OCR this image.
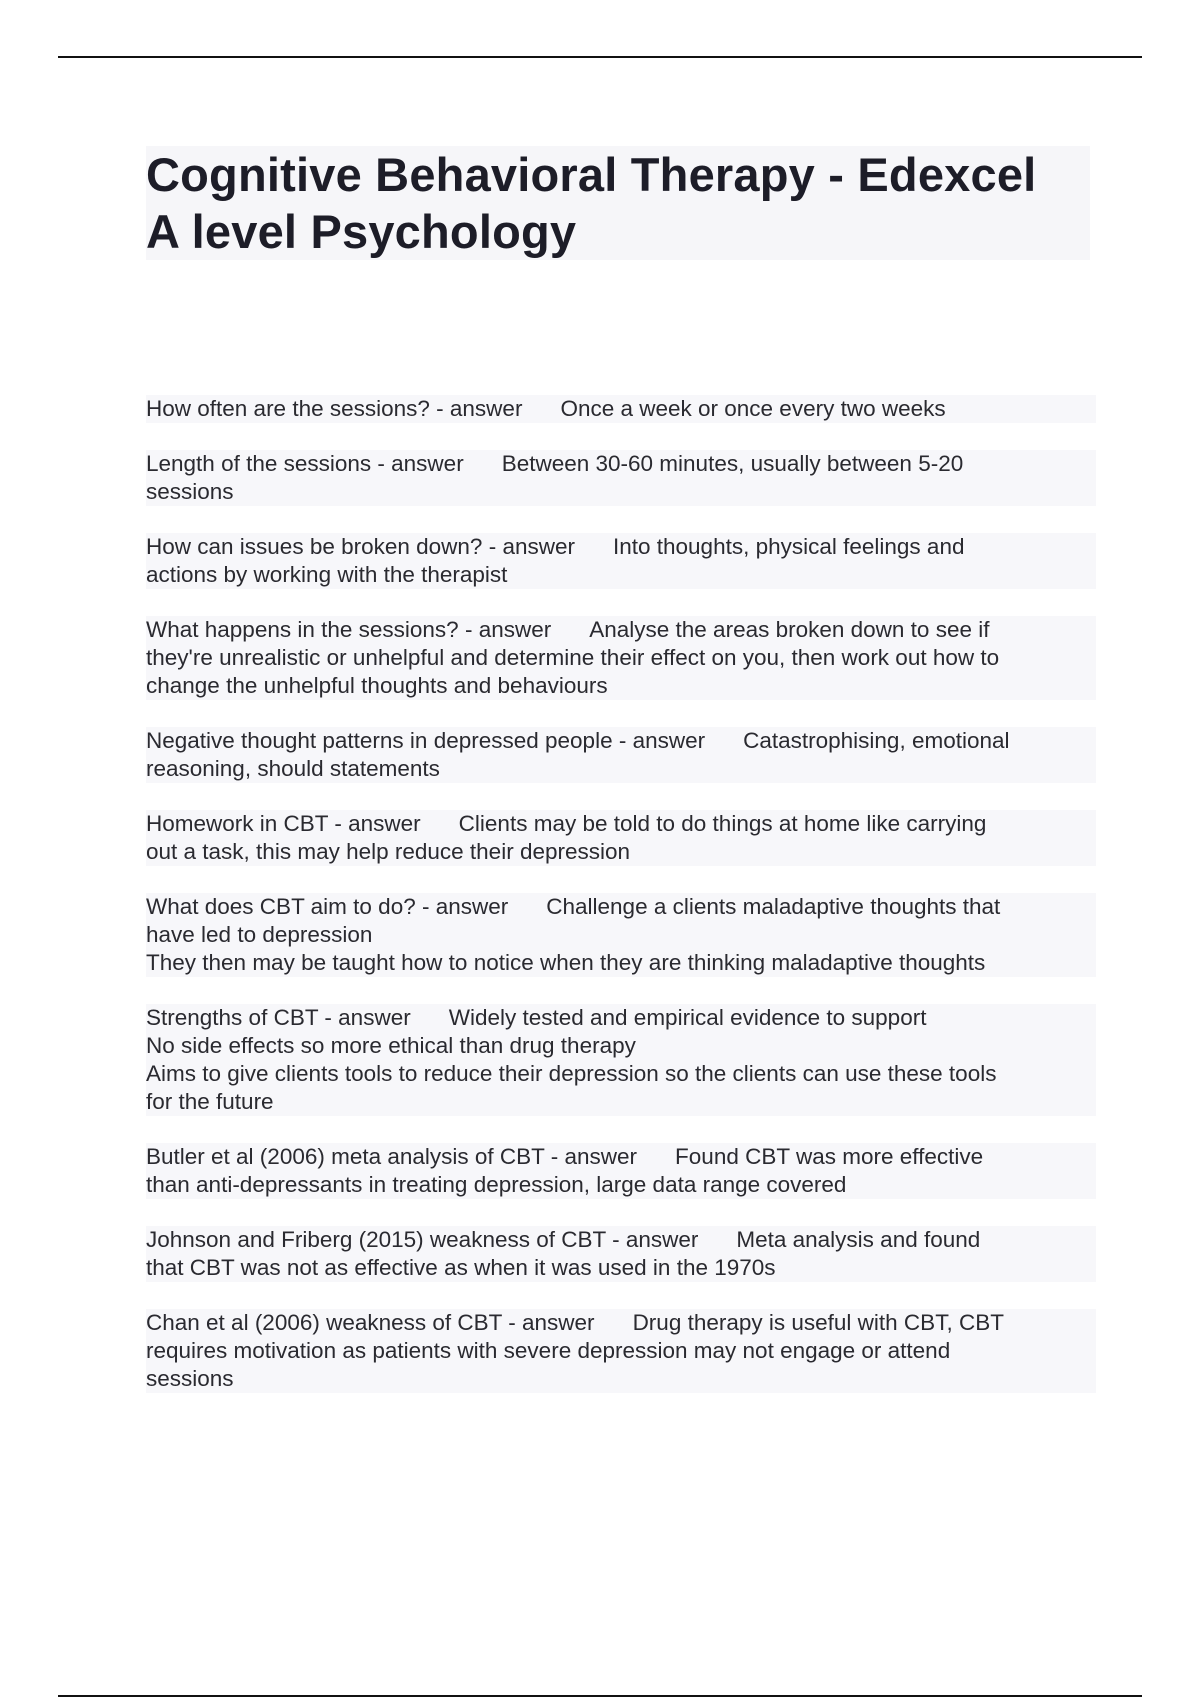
Cognitive Behavioral Therapy - Edexcel
A level Psychology
How often are the sessions? - answer Once a week or once every two weeks
Length of the sessions - answer Between 30-60 minutes, usually between 5-20
sessions
How can issues be broken down? - answer Into thoughts, physical feelings and
actions by working with the therapist
What happens in the sessions? - answer Analyse the areas broken down to see if
they're unrealistic or unhelpful and determine their effect on you, then work out how to
change the unhelpful thoughts and behaviours
Negative thought patterns in depressed people - answer Catastrophising, emotional
reasoning, should statements
Homework in CBT - answer Clients may be told to do things at home like carrying
out a task, this may help reduce their depression
What does CBT aim to do? - answer Challenge a clients maladaptive thoughts that
have led to depression
They then may be taught how to notice when they are thinking maladaptive thoughts
Strengths of CBT - answer Widely tested and empirical evidence to support
No side effects so more ethical than drug therapy
Aims to give clients tools to reduce their depression so the clients can use these tools
for the future
Butler et al (2006) meta analysis of CBT - answer Found CBT was more effective
than anti-depressants in treating depression, large data range covered
Johnson and Friberg (2015) weakness of CBT - answer Meta analysis and found
that CBT was not as effective as when it was used in the 1970s
Chan et al (2006) weakness of CBT - answer Drug therapy is useful with CBT, CBT
requires motivation as patients with severe depression may not engage or attend
sessions
